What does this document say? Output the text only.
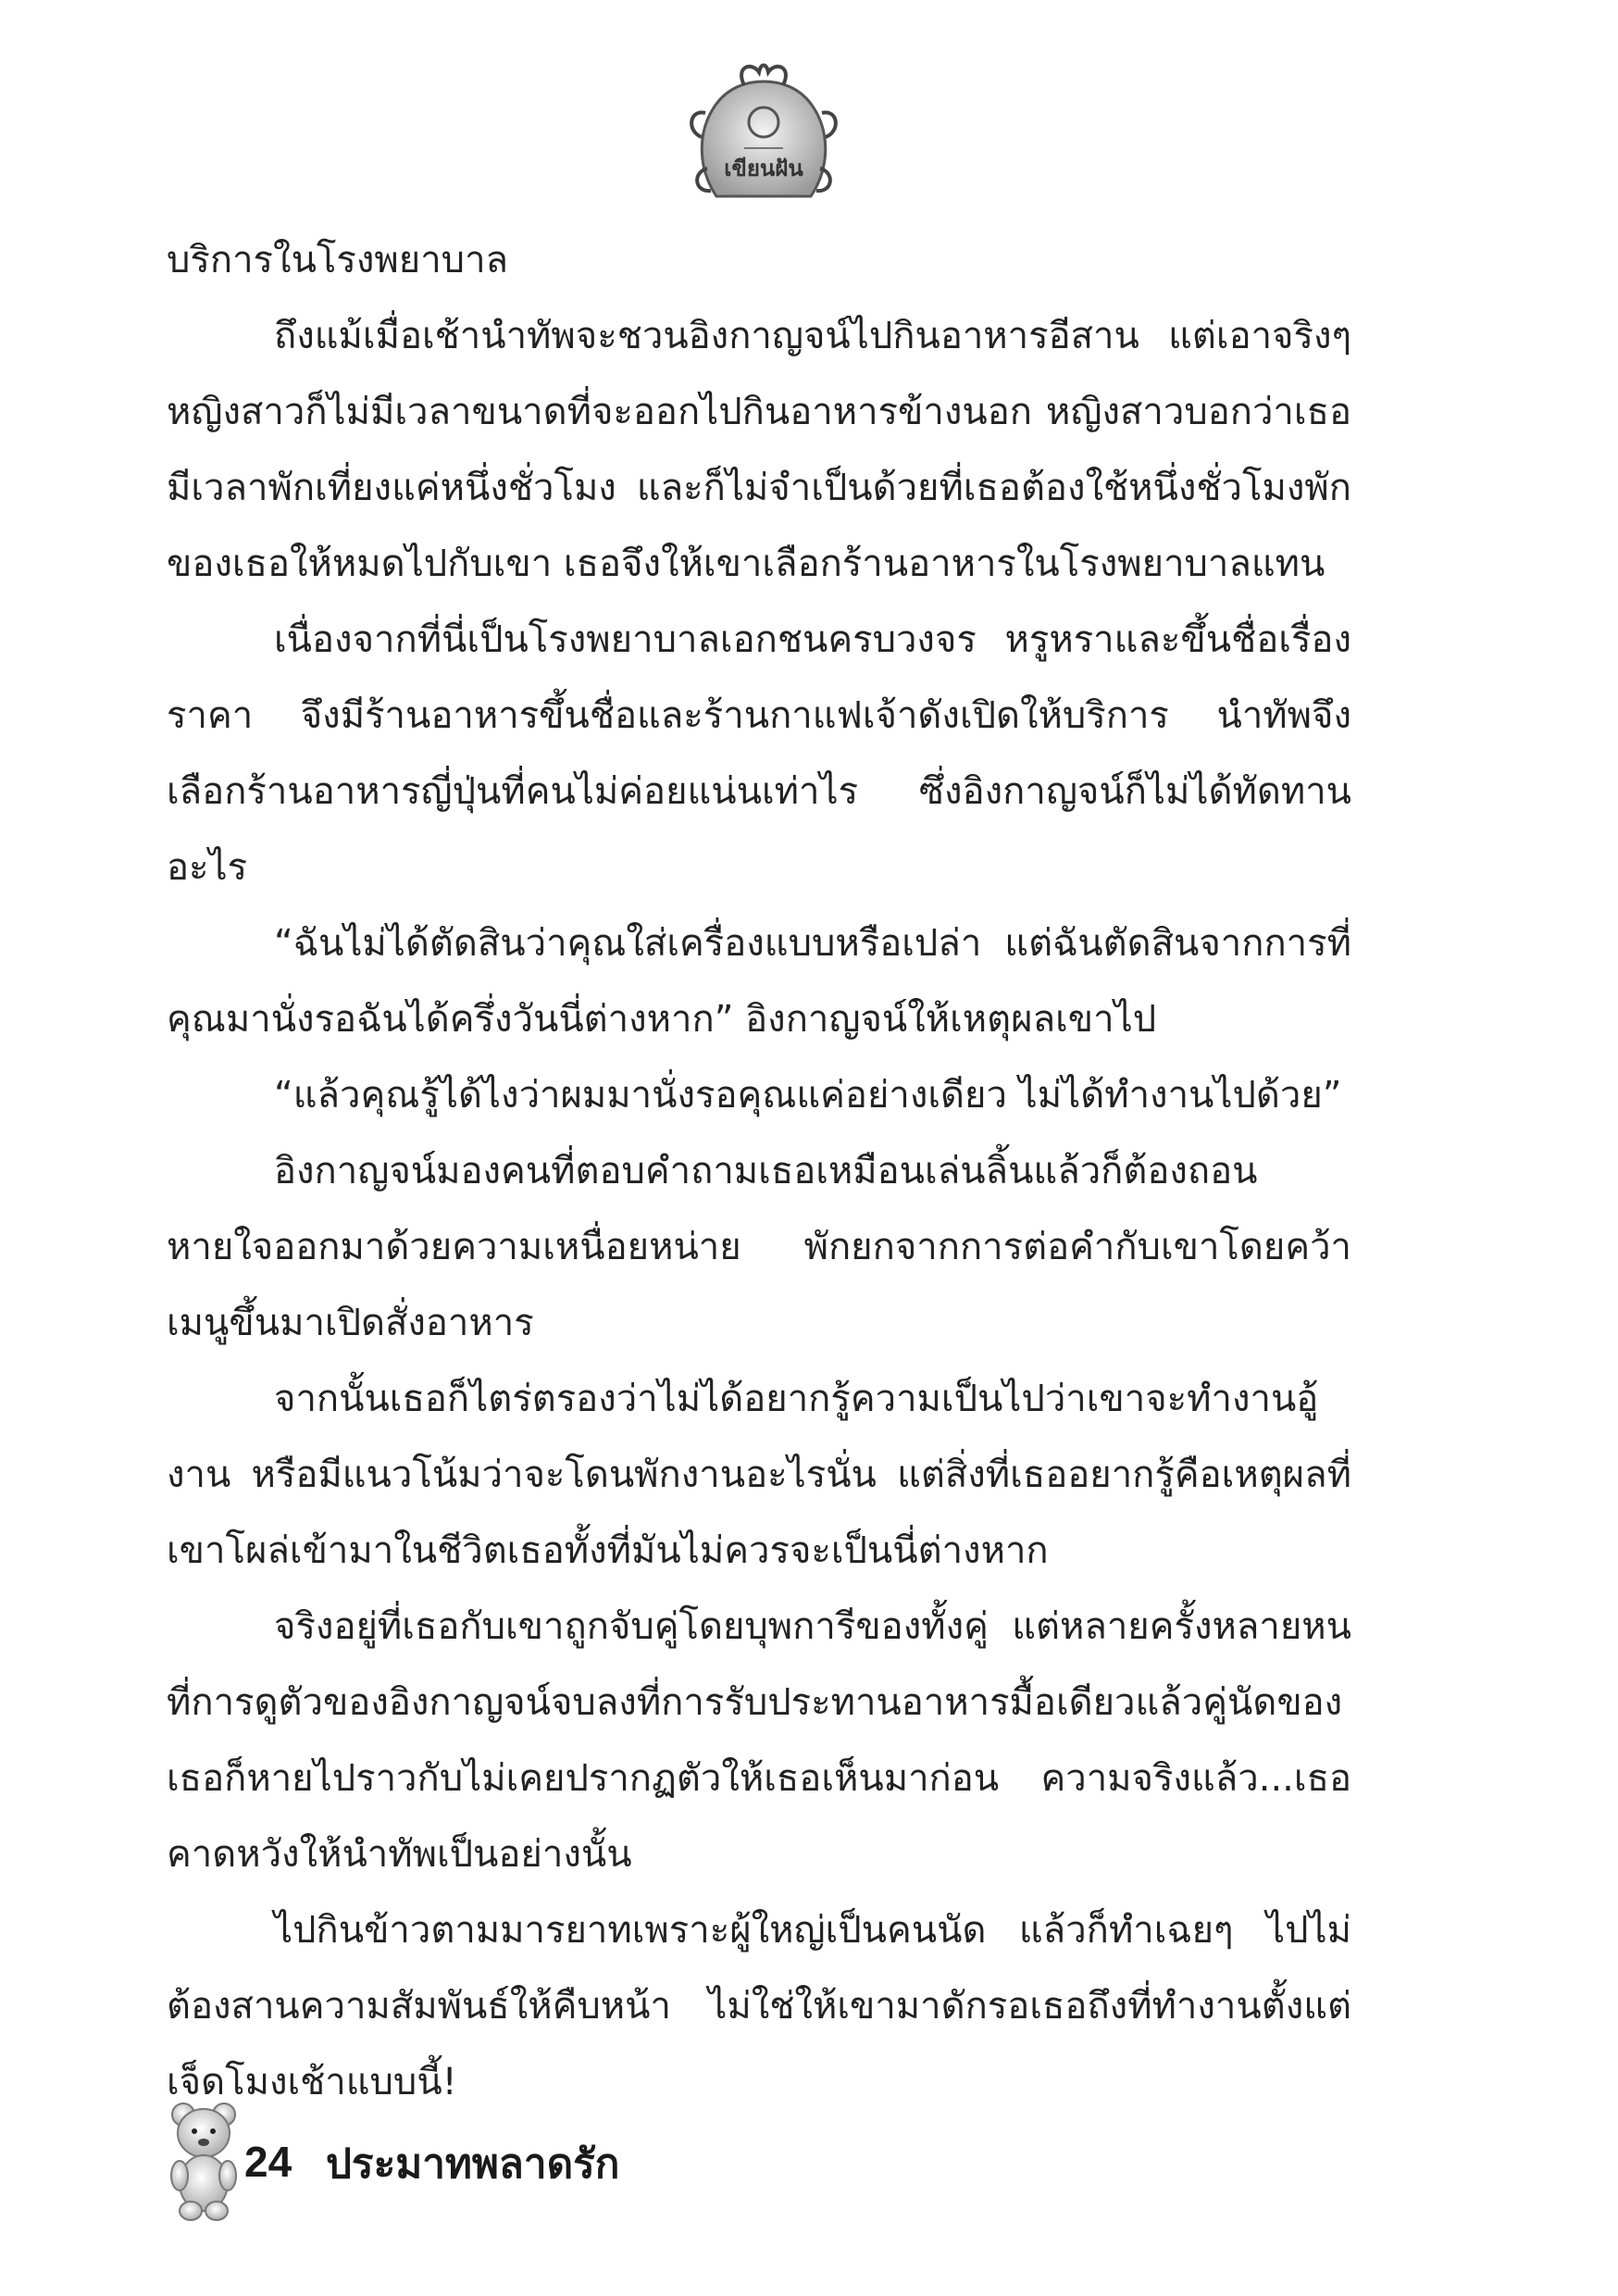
เขียนฝัน

บริการในโรงพยาบาล

ถึงแม้เมื่อเช้านำทัพจะชวนอิงกาญจน์ไปกินอาหารอีสาน แต่เอาจริงๆ หญิงสาวก็ไม่มีเวลาขนาดที่จะออกไปกินอาหารข้างนอก หญิงสาวบอกว่าเธอมีเวลาพักเที่ยงแค่หนึ่งชั่วโมง และก็ไม่จำเป็นด้วยที่เธอต้องใช้หนึ่งชั่วโมงพักของเธอให้หมดไปกับเขา เธอจึงให้เขาเลือกร้านอาหารในโรงพยาบาลแทน

เนื่องจากที่นี่เป็นโรงพยาบาลเอกชนครบวงจร หรูหราและขึ้นชื่อเรื่องราคา จึงมีร้านอาหารขึ้นชื่อและร้านกาแฟเจ้าดังเปิดให้บริการ นำทัพจึงเลือกร้านอาหารญี่ปุ่นที่คนไม่ค่อยแน่นเท่าไร ซึ่งอิงกาญจน์ก็ไม่ได้ทัดทานอะไร

“ฉันไม่ได้ตัดสินว่าคุณใส่เครื่องแบบหรือเปล่า แต่ฉันตัดสินจากการที่คุณมานั่งรอฉันได้ครึ่งวันนี่ต่างหาก” อิงกาญจน์ให้เหตุผลเขาไป

“แล้วคุณรู้ได้ไงว่าผมมานั่งรอคุณแค่อย่างเดียว ไม่ได้ทำงานไปด้วย”

อิงกาญจน์มองคนที่ตอบคำถามเธอเหมือนเล่นลิ้นแล้วก็ต้องถอนหายใจออกมาด้วยความเหนื่อยหน่าย พักยกจากการต่อคำกับเขาโดยคว้าเมนูขึ้นมาเปิดสั่งอาหาร

จากนั้นเธอก็ไตร่ตรองว่าไม่ได้อยากรู้ความเป็นไปว่าเขาจะทำงานอู้งาน หรือมีแนวโน้มว่าจะโดนพักงานอะไรนั่น แต่สิ่งที่เธออยากรู้คือเหตุผลที่เขาโผล่เข้ามาในชีวิตเธอทั้งที่มันไม่ควรจะเป็นนี่ต่างหาก

จริงอยู่ที่เธอกับเขาถูกจับคู่โดยบุพการีของทั้งคู่ แต่หลายครั้งหลายหนที่การดูตัวของอิงกาญจน์จบลงที่การรับประทานอาหารมื้อเดียวแล้วคู่นัดของเธอก็หายไปราวกับไม่เคยปรากฏตัวให้เธอเห็นมาก่อน ความจริงแล้ว...เธอคาดหวังให้นำทัพเป็นอย่างนั้น

ไปกินข้าวตามมารยาทเพราะผู้ใหญ่เป็นคนนัด แล้วก็ทำเฉยๆ ไปไม่ต้องสานความสัมพันธ์ให้คืบหน้า ไม่ใช่ให้เขามาดักรอเธอถึงที่ทำงานตั้งแต่เจ็ดโมงเช้าแบบนี้!

24 ประมาทพลาดรัก
